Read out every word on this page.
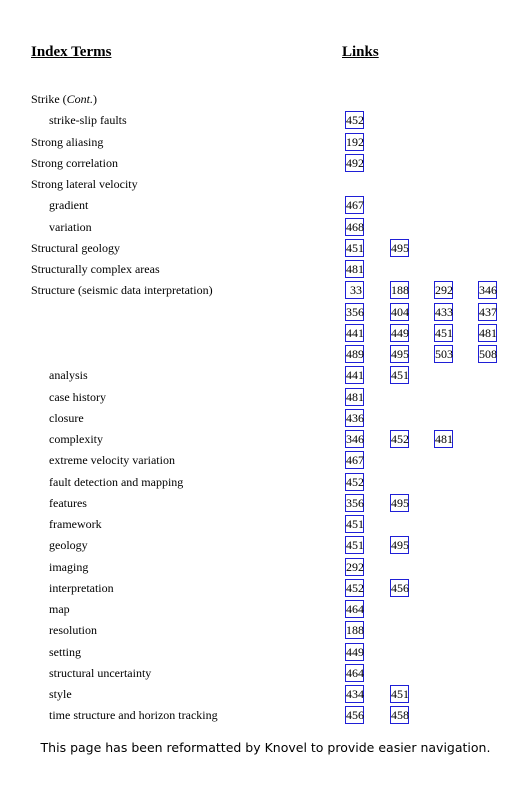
Index Terms	Links
Strike (Cont.)
strike-slip faults	452
Strong aliasing	192
Strong correlation	492
Strong lateral velocity
gradient	467
variation	468
Structural geology	451 495
Structurally complex areas	481
Structure (seismic data interpretation)	33 188 292 346
356 404 433 437
441 449 451 481
489 495 503 508
analysis	441 451
case history	481
closure	436
complexity	346 452 481
extreme velocity variation	467
fault detection and mapping	452
features	356 495
framework	451
geology	451 495
imaging	292
interpretation	452 456
map	464
resolution	188
setting	449
structural uncertainty	464
style	434 451
time structure and horizon tracking	456 458
This page has been reformatted by Knovel to provide easier navigation.
